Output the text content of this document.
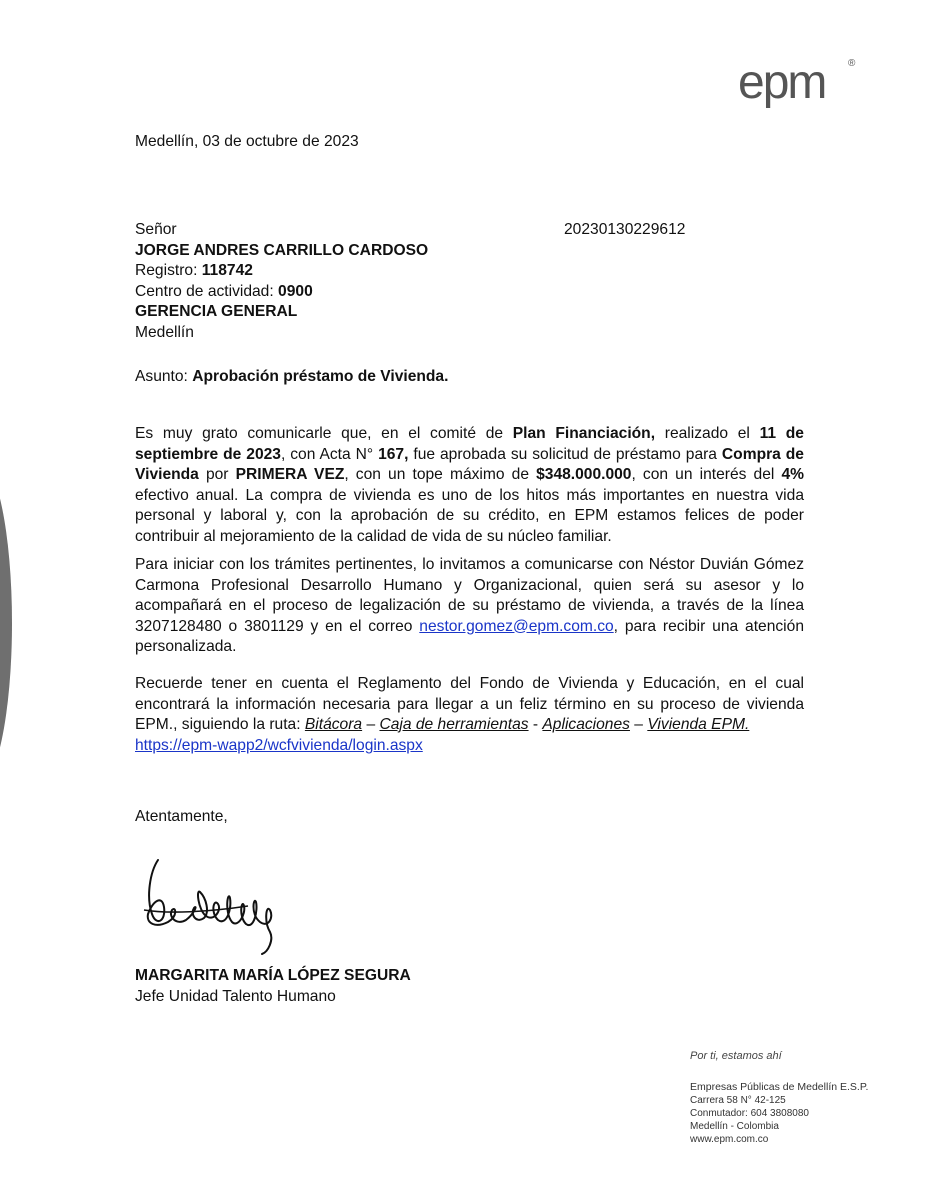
epm ®
Medellín, 03 de octubre de 2023
Señor
JORGE ANDRES CARRILLO CARDOSO
Registro: 118742
Centro de actividad: 0900
GERENCIA GENERAL
Medellín
20230130229612
Asunto: Aprobación préstamo de Vivienda.
Es muy grato comunicarle que, en el comité de Plan Financiación, realizado el 11 de septiembre de 2023, con Acta N° 167, fue aprobada su solicitud de préstamo para Compra de Vivienda por PRIMERA VEZ, con un tope máximo de $348.000.000, con un interés del 4% efectivo anual. La compra de vivienda es uno de los hitos más importantes en nuestra vida personal y laboral y, con la aprobación de su crédito, en EPM estamos felices de poder contribuir al mejoramiento de la calidad de vida de su núcleo familiar.
Para iniciar con los trámites pertinentes, lo invitamos a comunicarse con Néstor Duvián Gómez Carmona Profesional Desarrollo Humano y Organizacional, quien será su asesor y lo acompañará en el proceso de legalización de su préstamo de vivienda, a través de la línea 3207128480 o 3801129 y en el correo nestor.gomez@epm.com.co, para recibir una atención personalizada.
Recuerde tener en cuenta el Reglamento del Fondo de Vivienda y Educación, en el cual encontrará la información necesaria para llegar a un feliz término en su proceso de vivienda EPM., siguiendo la ruta: Bitácora – Caja de herramientas - Aplicaciones – Vivienda EPM.
https://epm-wapp2/wcfvivienda/login.aspx
Atentamente,
MARGARITA MARÍA LÓPEZ SEGURA
Jefe Unidad Talento Humano
Por ti, estamos ahí
Empresas Públicas de Medellín E.S.P.
Carrera 58 N° 42-125
Conmutador: 604 3808080
Medellín - Colombia
www.epm.com.co
